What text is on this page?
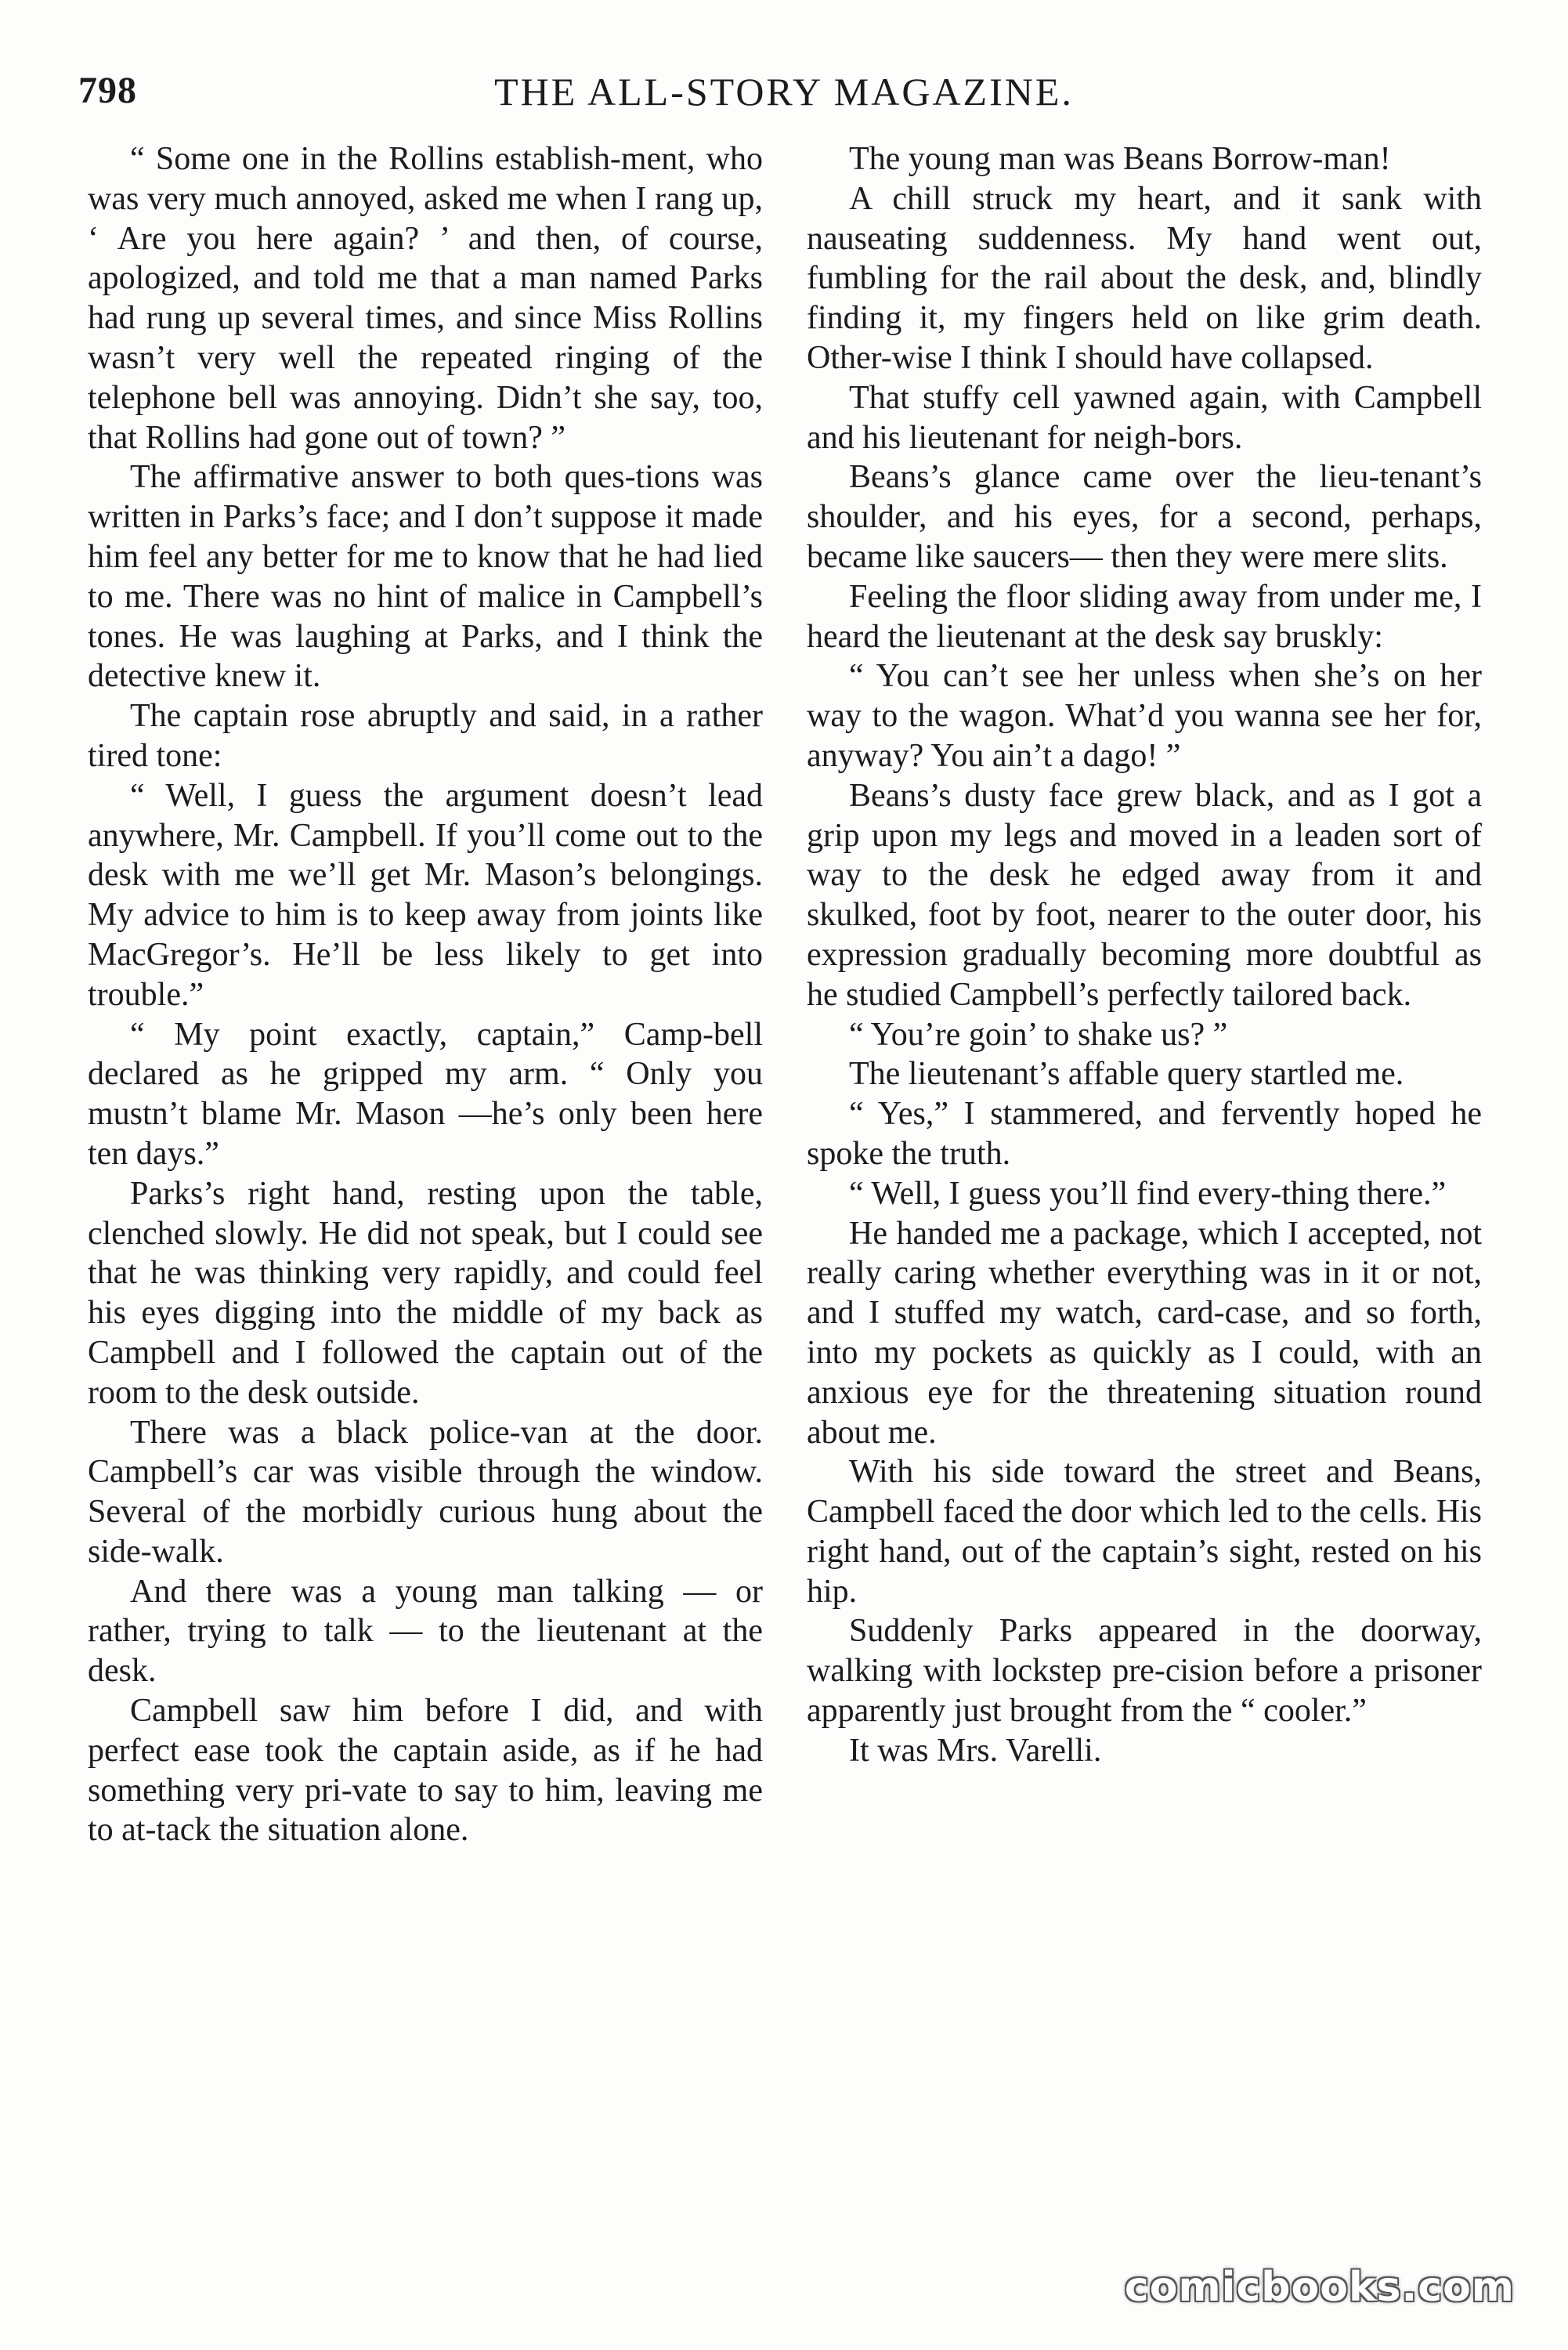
798	THE ALL-STORY MAGAZINE.

“ Some one in the Rollins establish-ment, who was very much annoyed, asked me when I rang up, ‘ Are you here again? ’ and then, of course, apologized, and told me that a man named Parks had rung up several times, and since Miss Rollins wasn’t very well the repeated ringing of the telephone bell was annoying. Didn’t she say, too, that Rollins had gone out of town? ”

The affirmative answer to both ques-tions was written in Parks’s face; and I don’t suppose it made him feel any better for me to know that he had lied to me. There was no hint of malice in Campbell’s tones. He was laughing at Parks, and I think the detective knew it.

The captain rose abruptly and said, in a rather tired tone:

“ Well, I guess the argument doesn’t lead anywhere, Mr. Campbell. If you’ll come out to the desk with me we’ll get Mr. Mason’s belongings. My advice to him is to keep away from joints like MacGregor’s. He’ll be less likely to get into trouble.”

“ My point exactly, captain,” Camp-bell declared as he gripped my arm. “ Only you mustn’t blame Mr. Mason —he’s only been here ten days.”

Parks’s right hand, resting upon the table, clenched slowly. He did not speak, but I could see that he was thinking very rapidly, and could feel his eyes digging into the middle of my back as Campbell and I followed the captain out of the room to the desk outside.

There was a black police-van at the door. Campbell’s car was visible through the window. Several of the morbidly curious hung about the side-walk.

And there was a young man talking — or rather, trying to talk — to the lieutenant at the desk.

Campbell saw him before I did, and with perfect ease took the captain aside, as if he had something very pri-vate to say to him, leaving me to at-tack the situation alone.

The young man was Beans Borrow-man!

A chill struck my heart, and it sank with nauseating suddenness. My hand went out, fumbling for the rail about the desk, and, blindly finding it, my fingers held on like grim death. Other-wise I think I should have collapsed.

That stuffy cell yawned again, with Campbell and his lieutenant for neigh-bors.

Beans’s glance came over the lieu-tenant’s shoulder, and his eyes, for a second, perhaps, became like saucers— then they were mere slits.

Feeling the floor sliding away from under me, I heard the lieutenant at the desk say bruskly:

“ You can’t see her unless when she’s on her way to the wagon. What’d you wanna see her for, anyway? You ain’t a dago! ”

Beans’s dusty face grew black, and as I got a grip upon my legs and moved in a leaden sort of way to the desk he edged away from it and skulked, foot by foot, nearer to the outer door, his expression gradually becoming more doubtful as he studied Campbell’s perfectly tailored back.

“ You’re goin’ to shake us? ”

The lieutenant’s affable query startled me.

“ Yes,” I stammered, and fervently hoped he spoke the truth.

“ Well, I guess you’ll find every-thing there.”

He handed me a package, which I accepted, not really caring whether everything was in it or not, and I stuffed my watch, card-case, and so forth, into my pockets as quickly as I could, with an anxious eye for the threatening situation round about me.

With his side toward the street and Beans, Campbell faced the door which led to the cells. His right hand, out of the captain’s sight, rested on his hip.

Suddenly Parks appeared in the doorway, walking with lockstep pre-cision before a prisoner apparently just brought from the “ cooler.”

It was Mrs. Varelli.

comicbooks.com
